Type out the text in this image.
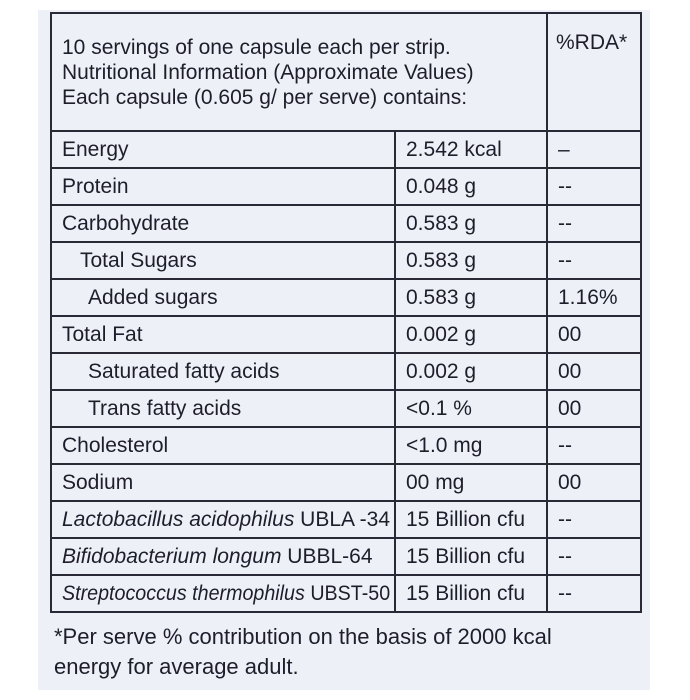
10 servings of one capsule each per strip.
Nutritional Information (Approximate Values)
Each capsule (0.605 g/ per serve) contains:		%RDA*
Energy	2.542 kcal	–
Protein	0.048 g	--
Carbohydrate	0.583 g	--
Total Sugars	0.583 g	--
Added sugars	0.583 g	1.16%
Total Fat	0.002 g	00
Saturated fatty acids	0.002 g	00
Trans fatty acids	<0.1 %	00
Cholesterol	<1.0 mg	--
Sodium	00 mg	00
Lactobacillus acidophilus UBLA -34	15 Billion cfu	--
Bifidobacterium longum UBBL-64	15 Billion cfu	--
Streptococcus thermophilus UBST-50	15 Billion cfu	--
*Per serve % contribution on the basis of 2000 kcal
energy for average adult.
